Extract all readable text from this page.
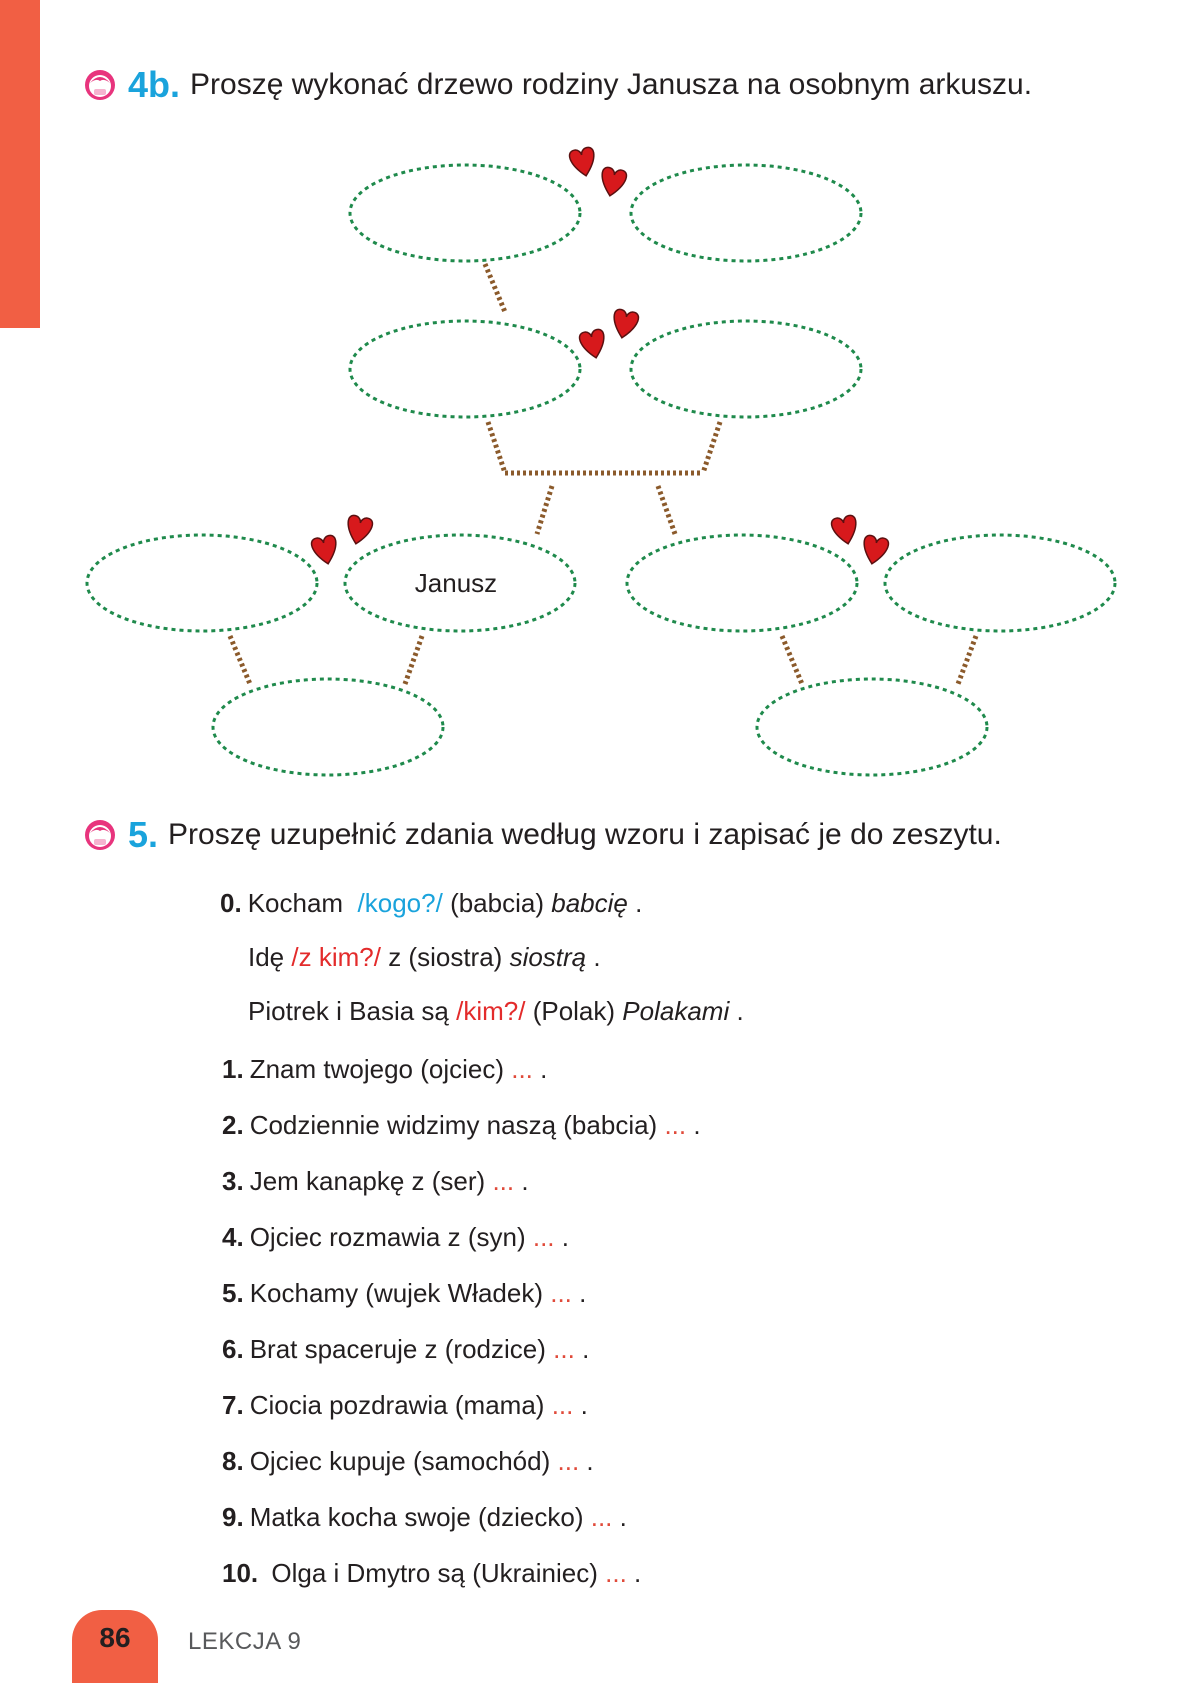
4b. Proszę wykonać drzewo rodziny Janusza na osobnym arkuszu.
Janusz
5. Proszę uzupełnić zdania według wzoru i zapisać je do zeszytu.
0. Kocham /kogo?/ (babcia) babcię .
Idę /z kim?/ z (siostra) siostrą .
Piotrek i Basia są /kim?/ (Polak) Polakami .
1. Znam twojego (ojciec) ... .
2. Codziennie widzimy naszą (babcia) ... .
3. Jem kanapkę z (ser) ... .
4. Ojciec rozmawia z (syn) ... .
5. Kochamy (wujek Władek) ... .
6. Brat spaceruje z (rodzice) ... .
7. Ciocia pozdrawia (mama) ... .
8. Ojciec kupuje (samochód) ... .
9. Matka kocha swoje (dziecko) ... .
10. Olga i Dmytro są (Ukrainiec) ... .
86 LEKCJA 9
